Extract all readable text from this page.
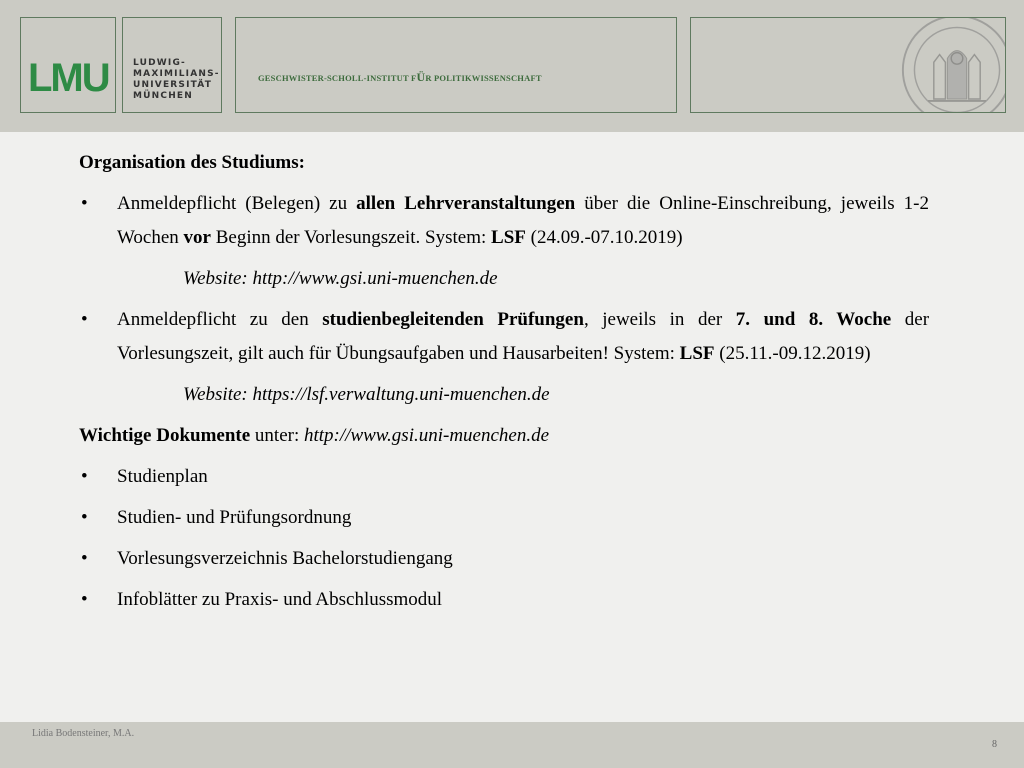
LMU	LUDWIG-
MAXIMILIANS-
UNIVERSITÄT
MÜNCHEN
GESCHWISTER-SCHOLL-INSTITUT FÜR POLITIKWISSENSCHAFT
Organisation des Studiums:
• Anmeldepflicht (Belegen) zu allen Lehrveranstaltungen über die Online-Einschreibung, jeweils 1-2
Wochen vor Beginn der Vorlesungszeit. System: LSF (24.09.-07.10.2019)
Website: http://www.gsi.uni-muenchen.de
• Anmeldepflicht zu den studienbegleitenden Prüfungen, jeweils in der 7. und 8. Woche der
Vorlesungszeit, gilt auch für Übungsaufgaben und Hausarbeiten! System: LSF (25.11.-09.12.2019)
Website: https://lsf.verwaltung.uni-muenchen.de
Wichtige Dokumente unter: http://www.gsi.uni-muenchen.de
• Studienplan
• Studien- und Prüfungsordnung
• Vorlesungsverzeichnis Bachelorstudiengang
• Infoblätter zu Praxis- und Abschlussmodul
Lidia Bodensteiner, M.A.
8
